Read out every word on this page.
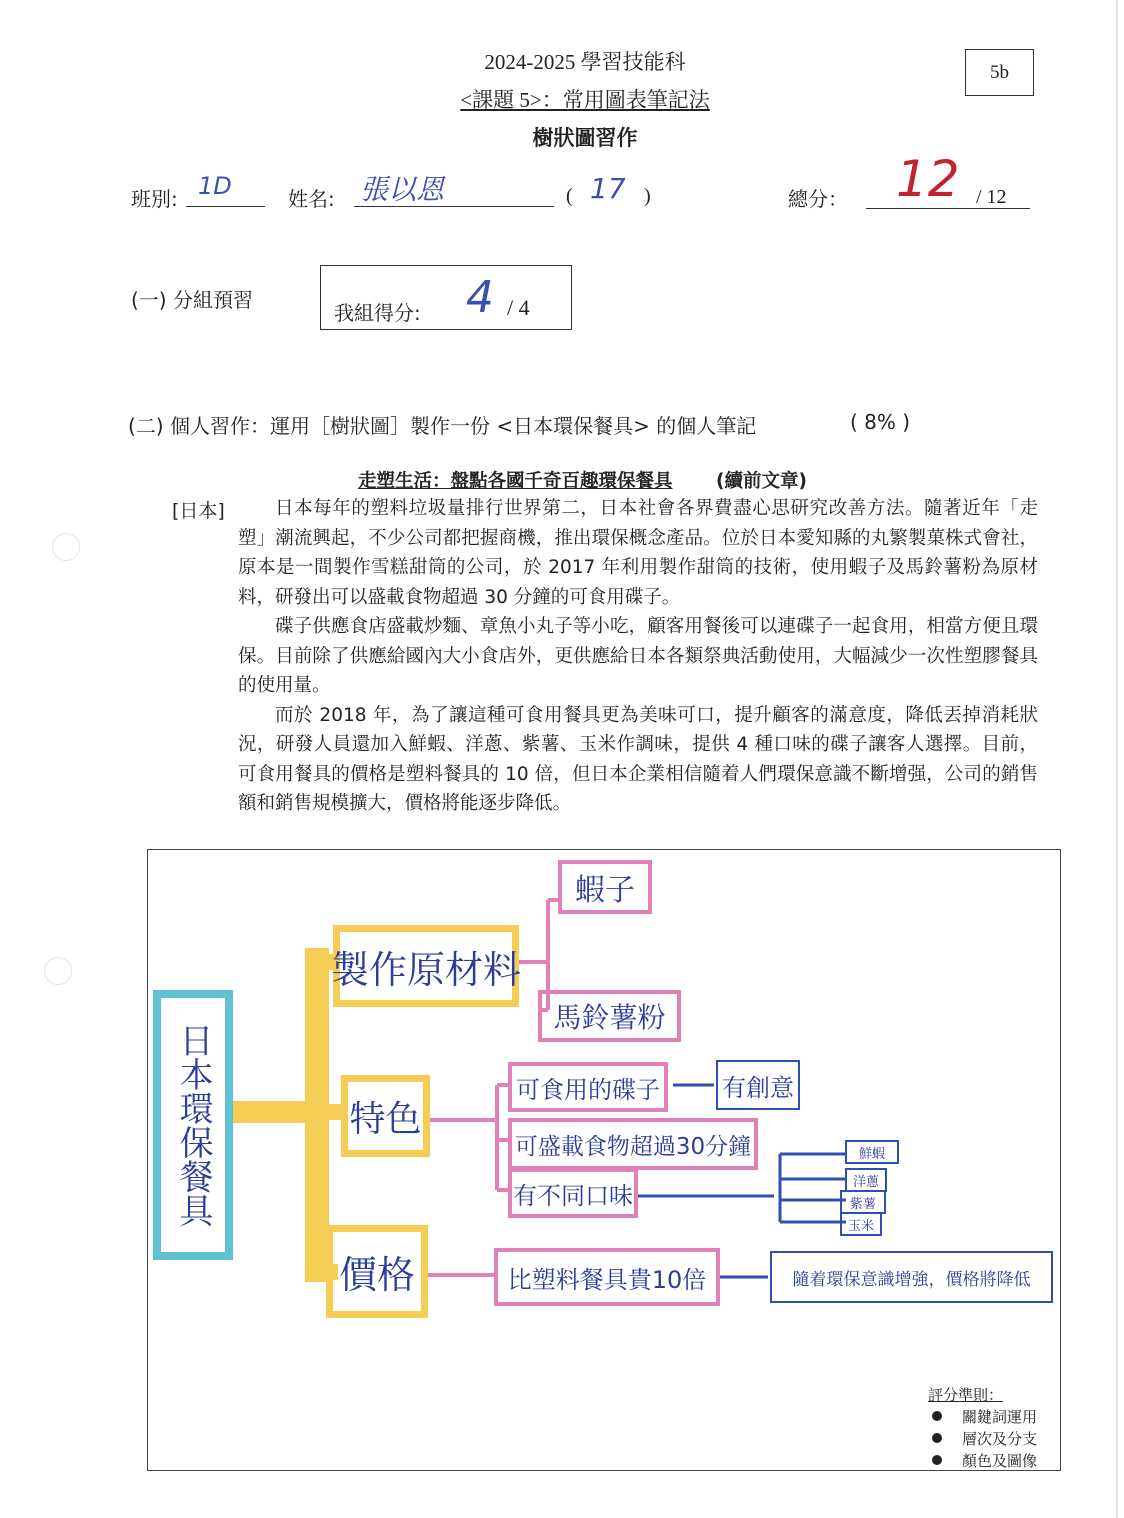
2024-2025 學習技能科
<課題 5>：常用圖表筆記法
樹狀圖習作
5b
班別: 1D	姓名: 張以恩	( 17 )	總分： 12 / 12
(一) 分組預習
我組得分: 4 / 4
(二) 個人習作：運用［樹狀圖］製作一份 <日本環保餐具> 的個人筆記	( 8% )
走塑生活：盤點各國千奇百趣環保餐具 (續前文章)
[日本]	日本每年的塑料垃圾量排行世界第二，日本社會各界費盡心思研究改善方法。隨著近年「走塑」潮流興起，不少公司都把握商機，推出環保概念產品。位於日本愛知縣的丸繁製菓株式會社，原本是一間製作雪糕甜筒的公司，於 2017 年利用製作甜筒的技術，使用蝦子及馬鈴薯粉為原材料，研發出可以盛載食物超過 30 分鐘的可食用碟子。

碟子供應食店盛載炒麵、章魚小丸子等小吃，顧客用餐後可以連碟子一起食用，相當方便且環保。目前除了供應給國內大小食店外，更供應給日本各類祭典活動使用，大幅減少一次性塑膠餐具的使用量。

而於 2018 年，為了讓這種可食用餐具更為美味可口，提升顧客的滿意度，降低丟掉消耗狀況，研發人員還加入鮮蝦、洋蔥、紫薯、玉米作調味，提供 4 種口味的碟子讓客人選擇。目前，可食用餐具的價格是塑料餐具的 10 倍，但日本企業相信隨着人們環保意識不斷增强，公司的銷售額和銷售規模擴大，價格將能逐步降低。

日本環保餐具
製作原材料
特色
價格
蝦子
馬鈴薯粉
可食用的碟子
可盛載食物超過30分鐘
有不同口味
比塑料餐具貴10倍
有創意
鮮蝦
洋蔥
紫薯
玉米
隨着環保意識增強，價格將降低
評分準則：
關鍵詞運用
層次及分支
顏色及圖像
